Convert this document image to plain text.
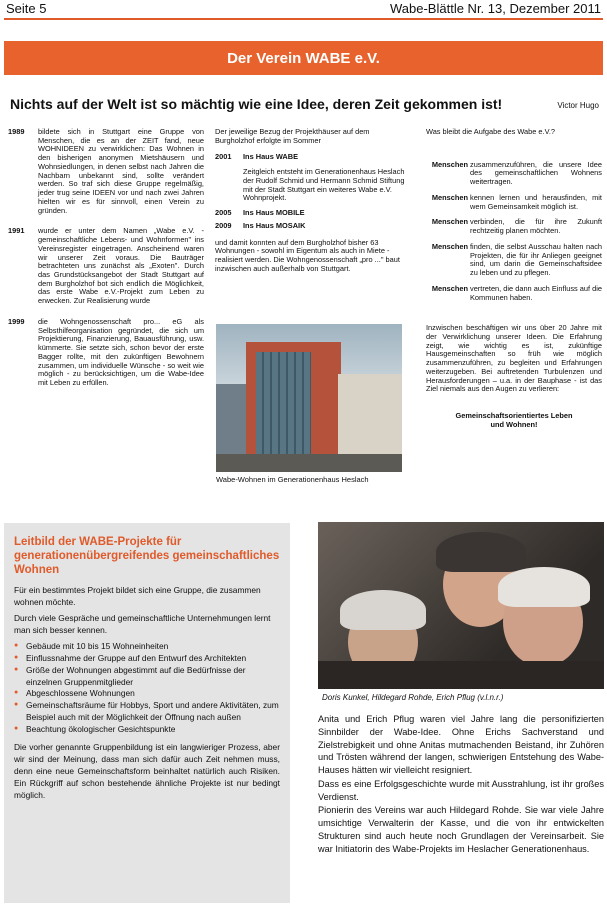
Seite 5	Wabe-Blättle Nr. 13, Dezember 2011
Der Verein WABE e.V.
Nichts auf der Welt ist so mächtig wie eine Idee, deren Zeit gekommen ist!	Victor Hugo
1989	bildete sich in Stuttgart eine Gruppe von Menschen, die es an der ZEIT fand, neue WOHNIDEEN zu verwirklichen: Das Wohnen in den bisherigen anonymen Mietshäusern und Wohnsiedlungen, in denen selbst nach Jahren die Nachbarn unbekannt sind, sollte verändert werden. So traf sich diese Gruppe regelmäßig, jeder trug seine IDEEN vor und nach zwei Jahren hielten wir es für sinnvoll, einen Verein zu gründen.
1991	wurde er unter dem Namen „Wabe e.V. - gemeinschaftliche Lebens- und Wohnformen" ins Vereinsregister eingetragen. Anscheinend waren wir unserer Zeit voraus. Die Bauträger betrachteten uns zunächst als „Exoten". Durch das Grundstücksangebot der Stadt Stuttgart auf dem Burgholzhof bot sich endlich die Möglichkeit, das erste Wabe e.V.-Projekt zum Leben zu erwecken. Zur Realisierung wurde
1999	die Wohngenossenschaft pro... eG als Selbsthilfeorganisation gegründet, die sich um Projektierung, Finanzierung, Bauausführung, usw. kümmerte. Sie setzte sich, schon bevor der erste Bagger rollte, mit den zukünftigen Bewohnern zusammen, um individuelle Wünsche - so weit wie möglich - zu berücksichtigen, um die Wabe-Idee mit Leben zu erfüllen.

Der jeweilige Bezug der Projekthäuser auf dem Burgholzhof erfolgte im Sommer

2001	Ins Haus WABE

Zeitgleich entsteht im Generationenhaus Heslach der Rudolf Schmid und Hermann Schmid Stiftung mit der Stadt Stuttgart ein weiteres Wabe e.V. Wohnprojekt.

2005	Ins Haus MOBILE
2009	Ins Haus MOSAIK

und damit konnten auf dem Burgholzhof bisher 63 Wohnungen - sowohl im Eigentum als auch in Miete - realisiert werden. Die Wohngenossenschaft „pro ..." baut inzwischen auch außerhalb von Stuttgart.

Wabe-Wohnen im Generationenhaus Heslach

Was bleibt die Aufgabe des Wabe e.V.?

Menschen zusammenzuführen, die unsere Idee des gemeinschaftlichen Wohnens weitertragen.
Menschen kennen lernen und herausfinden, mit wem Gemeinsamkeit möglich ist.
Menschen verbinden, die für ihre Zukunft rechtzeitig planen möchten.
Menschen finden, die selbst Ausschau halten nach Projekten, die für ihr Anliegen geeignet sind, um darin die Gemeinschaftsidee zu leben und zu pflegen.
Menschen vertreten, die dann auch Einfluss auf die Kommunen haben.

Inzwischen beschäftigen wir uns über 20 Jahre mit der Verwirklichung unserer Ideen. Die Erfahrung zeigt, wie wichtig es ist, zukünftige Hausgemeinschaften so früh wie möglich zusammenzuführen, zu begleiten und Erfahrungen weiterzugeben. Bei auftretenden Turbulenzen und Herausforderungen – u.a. in der Bauphase - ist das Ziel niemals aus den Augen zu verlieren:

Gemeinschaftsorientiertes Leben

und Wohnen!

Leitbild der WABE-Projekte für generationenübergreifendes gemeinschaftliches Wohnen

Für ein bestimmtes Projekt bildet sich eine Gruppe, die zusammen wohnen möchte.

Durch viele Gespräche und gemeinschaftliche Unternehmungen lernt man sich besser kennen.

● Gebäude mit 10 bis 15 Wohneinheiten
● Einflussnahme der Gruppe auf den Entwurf des Architekten
● Größe der Wohnungen abgestimmt auf die Bedürfnisse der einzelnen Gruppenmitglieder
● Abgeschlossene Wohnungen
● Gemeinschaftsräume für Hobbys, Sport und andere Aktivitäten, zum Beispiel auch mit der Möglichkeit der Öffnung nach außen
● Beachtung ökologischer Gesichtspunkte

Die vorher genannte Gruppenbildung ist ein langwieriger Prozess, aber wir sind der Meinung, dass man sich dafür auch Zeit nehmen muss, denn eine neue Gemeinschaftsform beinhaltet natürlich auch Risiken. Ein Rückgriff auf schon bestehende ähnliche Projekte ist nur bedingt möglich.

Doris Kunkel, Hildegard Rohde, Erich Pflug (v.l.n.r.)

Anita und Erich Pflug waren viel Jahre lang die personifizierten Sinnbilder der Wabe-Idee. Ohne Erichs Sachverstand und Zielstrebigkeit und ohne Anitas mutmachenden Beistand, ihr Zuhören und Trösten während der langen, schwierigen Entstehung des Wabe-Hauses hätten wir vielleicht resigniert.

Dass es eine Erfolgsgeschichte wurde mit Ausstrahlung, ist ihr großes Verdienst.

Pionierin des Vereins war auch Hildegard Rohde. Sie war viele Jahre umsichtige Verwalterin der Kasse, und die von ihr entwickelten Strukturen sind auch heute noch Grundlagen der Vereinsarbeit. Sie war Initiatorin des Wabe-Projekts im Heslacher Generationenhaus.
